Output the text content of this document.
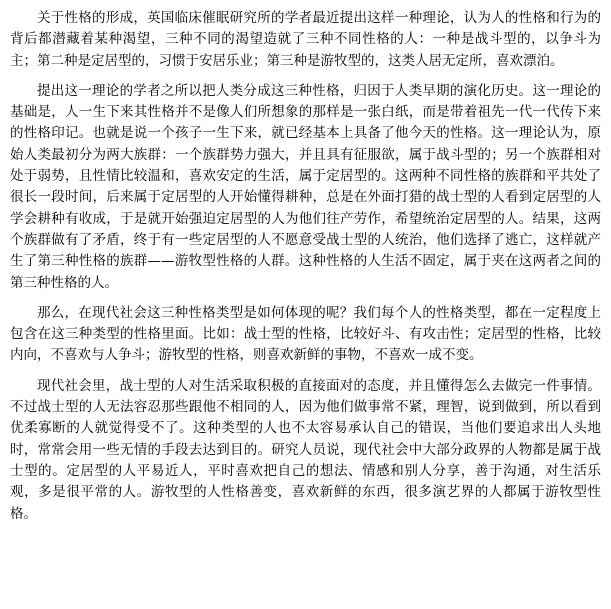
关于性格的形成，英国临床催眠研究所的学者最近提出这样一种理论，认为人的性格和行为的背后都潜藏着某种渴望，三种不同的渴望造就了三种不同性格的人：一种是战斗型的，以争斗为主；第二种是定居型的，习惯于安居乐业；第三种是游牧型的，这类人居无定所，喜欢漂泊。

提出这一理论的学者之所以把人类分成这三种性格，归因于人类早期的演化历史。这一理论的基础是，人一生下来其性格并不是像人们所想象的那样是一张白纸，而是带着祖先一代一代传下来的性格印记。也就是说一个孩子一生下来，就已经基本上具备了他今天的性格。这一理论认为，原始人类最初分为两大族群：一个族群势力强大，并且具有征服欲，属于战斗型的；另一个族群相对处于弱势，且性情比较温和，喜欢安定的生活，属于定居型的。这两种不同性格的族群和平共处了很长一段时间，后来属于定居型的人开始懂得耕种，总是在外面打猎的战士型的人看到定居型的人学会耕种有收成，于是就开始强迫定居型的人为他们往产劳作，希望统治定居型的人。结果，这两个族群做有了矛盾，终于有一些定居型的人不愿意受战士型的人统治，他们选择了逃亡，这样就产生了第三种性格的族群——游牧型性格的人群。这种性格的人生活不固定，属于夹在这两者之间的第三种性格的人。

那么，在现代社会这三种性格类型是如何体现的呢？我们每个人的性格类型，都在一定程度上包含在这三种类型的性格里面。比如：战士型的性格，比较好斗、有攻击性；定居型的性格，比较内向，不喜欢与人争斗；游牧型的性格，则喜欢新鲜的事物，不喜欢一成不变。

现代社会里，战士型的人对生活采取积极的直接面对的态度，并且懂得怎么去做完一件事情。不过战士型的人无法容忍那些跟他不相同的人，因为他们做事常不紧，理智，说到做到，所以看到优柔寡断的人就觉得受不了。这种类型的人也不太容易承认自己的错误，当他们要追求出人头地时，常常会用一些无情的手段去达到目的。研究人员说，现代社会中大部分政界的人物都是属于战士型的。定居型的人平易近人，平时喜欢把自己的想法、情感和别人分享，善于沟通，对生活乐观，多是很平常的人。游牧型的人性格善变，喜欢新鲜的东西，很多演艺界的人都属于游牧型性格。
